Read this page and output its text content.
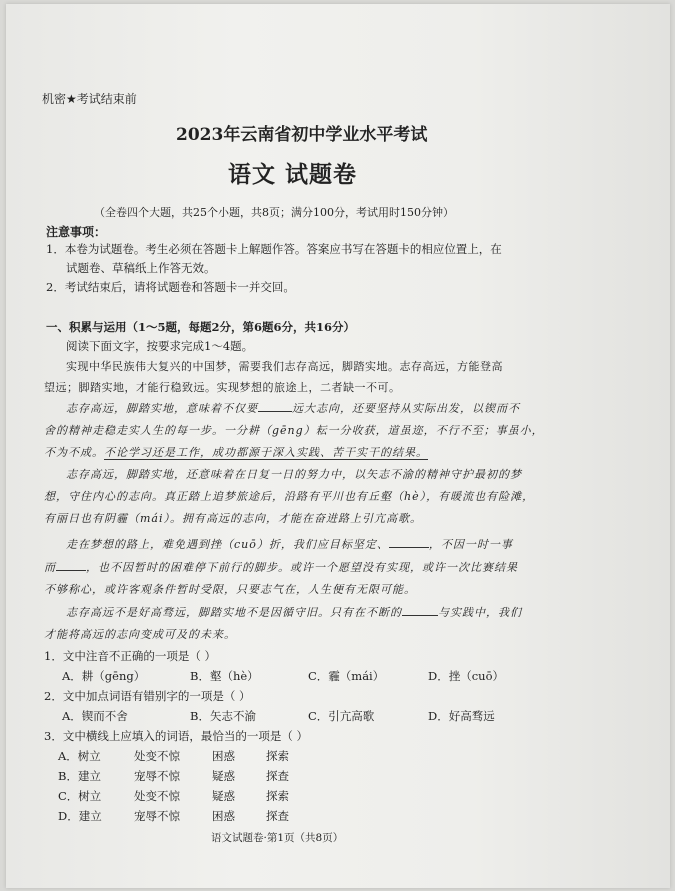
机密★考试结束前
2023年云南省初中学业水平考试
语文 试题卷
（全卷四个大题，共25个小题，共8页；满分100分，考试用时150分钟）
注意事项：
1．本卷为试题卷。考生必须在答题卡上解题作答。答案应书写在答题卡的相应位置上，在
试题卷、草稿纸上作答无效。
2．考试结束后，请将试题卷和答题卡一并交回。
一、积累与运用（1～5题，每题2分，第6题6分，共16分）
阅读下面文字，按要求完成1～4题。
实现中华民族伟大复兴的中国梦，需要我们志存高远，脚踏实地。志存高远，方能登高
望远；脚踏实地，才能行稳致远。实现梦想的旅途上，二者缺一不可。
志存高远，脚踏实地，意味着不仅要	远大志向，还要坚持从实际出发，以锲而不
舍的精神走稳走实人生的每一步。一分耕（gēng）耘一分收获，道虽迩，不行不至；事虽小，
不为不成。不论学习还是工作，成功都源于深入实践、苦干实干的结果。
志存高远，脚踏实地，还意味着在日复一日的努力中，以矢志不渝的精神守护最初的梦
想，守住内心的志向。真正踏上追梦旅途后，沿路有平川也有丘壑（hè），有暖流也有险滩，
有丽日也有阴霾（mái）。拥有高远的志向，才能在奋进路上引亢高歌。
走在梦想的路上，难免遇到挫（cuō）折，我们应目标坚定、	，不因一时一事
而	，也不因暂时的困难停下前行的脚步。或许一个愿望没有实现，或许一次比赛结果
不够称心，或许客观条件暂时受限，只要志气在，人生便有无限可能。
志存高远不是好高骛远，脚踏实地不是因循守旧。只有在不断的	与实践中，我们
才能将高远的志向变成可及的未来。
1．文中注音不正确的一项是（ ）
A．耕（gēng）	B．壑（hè）	C．霾（mái）	D．挫（cuō）
2．文中加点词语有错别字的一项是（ ）
A．锲而不舍	B．矢志不渝	C．引亢高歌	D．好高骛远
3．文中横线上应填入的词语，最恰当的一项是（ ）
A．树立	处变不惊	困惑	探索
B．建立	宠辱不惊	疑惑	探查
C．树立	处变不惊	疑惑	探索
D．建立	宠辱不惊	困惑	探查
语文试题卷·第1页（共8页）
